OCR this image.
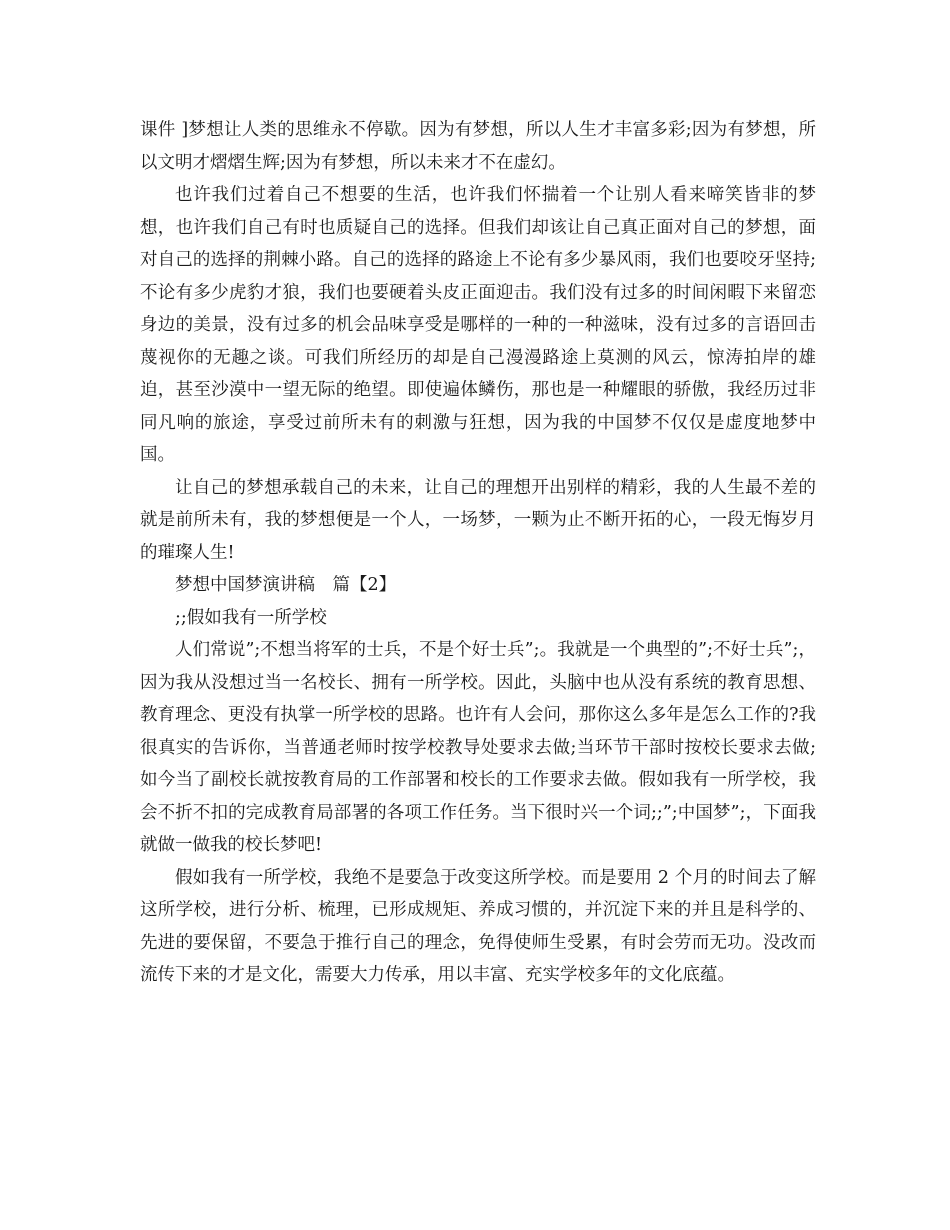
课件 ]梦想让人类的思维永不停歇。因为有梦想，所以人生才丰富多彩;因为有梦想，所以文明才熠熠生辉;因为有梦想，所以未来才不在虚幻。

也许我们过着自己不想要的生活，也许我们怀揣着一个让别人看来啼笑皆非的梦想，也许我们自己有时也质疑自己的选择。但我们却该让自己真正面对自己的梦想，面对自己的选择的荆棘小路。自己的选择的路途上不论有多少暴风雨，我们也要咬牙坚持;不论有多少虎豹才狼，我们也要硬着头皮正面迎击。我们没有过多的时间闲暇下来留恋身边的美景，没有过多的机会品味享受是哪样的一种的一种滋味，没有过多的言语回击蔑视你的无趣之谈。可我们所经历的却是自己漫漫路途上莫测的风云，惊涛拍岸的雄迫，甚至沙漠中一望无际的绝望。即使遍体鳞伤，那也是一种耀眼的骄傲，我经历过非同凡响的旅途，享受过前所未有的刺激与狂想，因为我的中国梦不仅仅是虚度地梦中国。

让自己的梦想承载自己的未来，让自己的理想开出别样的精彩，我的人生最不差的就是前所未有，我的梦想便是一个人，一场梦，一颗为止不断开拓的心，一段无悔岁月的璀璨人生!

梦想中国梦演讲稿　篇【2】

;;假如我有一所学校

人们常说”;不想当将军的士兵，不是个好士兵”;。我就是一个典型的”;不好士兵”;，因为我从没想过当一名校长、拥有一所学校。因此，头脑中也从没有系统的教育思想、教育理念、更没有执掌一所学校的思路。也许有人会问，那你这么多年是怎么工作的?我很真实的告诉你，当普通老师时按学校教导处要求去做;当环节干部时按校长要求去做;如今当了副校长就按教育局的工作部署和校长的工作要求去做。假如我有一所学校，我会不折不扣的完成教育局部署的各项工作任务。当下很时兴一个词;;”;中国梦”;，下面我就做一做我的校长梦吧!

假如我有一所学校，我绝不是要急于改变这所学校。而是要用 2 个月的时间去了解这所学校，进行分析、梳理，已形成规矩、养成习惯的，并沉淀下来的并且是科学的、先进的要保留，不要急于推行自己的理念，免得使师生受累，有时会劳而无功。没改而流传下来的才是文化，需要大力传承，用以丰富、充实学校多年的文化底蕴。
